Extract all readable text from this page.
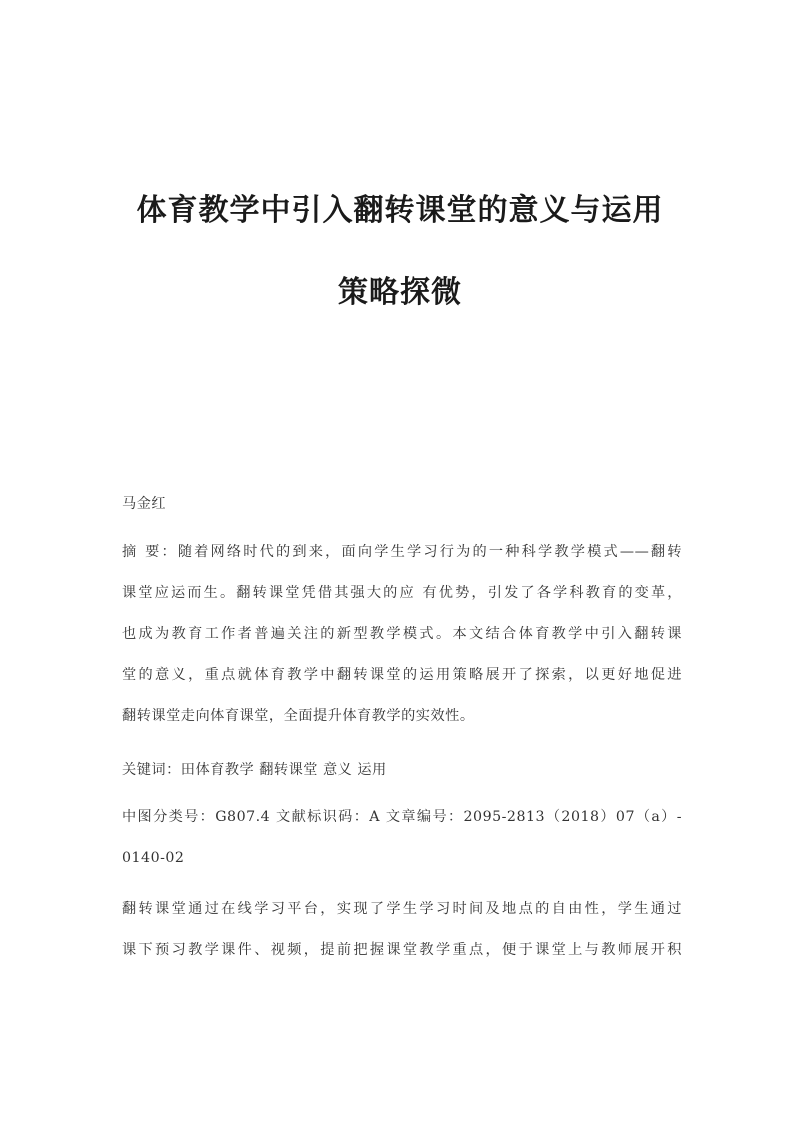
体育教学中引入翻转课堂的意义与运用
策略探微
马金红
摘 要：随着网络时代的到来，面向学生学习行为的一种科学教学模式——翻转
课堂应运而生。翻转课堂凭借其强大的应 有优势，引发了各学科教育的变革，
也成为教育工作者普遍关注的新型教学模式。本文结合体育教学中引入翻转课
堂的意义，重点就体育教学中翻转课堂的运用策略展开了探索，以更好地促进
翻转课堂走向体育课堂，全面提升体育教学的实效性。
关键词：田体育教学 翻转课堂 意义 运用
中图分类号：G807.4 文献标识码：A 文章编号：2095-2813（2018）07（a）-
0140-02
翻转课堂通过在线学习平台，实现了学生学习时间及地点的自由性，学生通过
课下预习教学课件、视频，提前把握课堂教学重点，便于课堂上与教师展开积
